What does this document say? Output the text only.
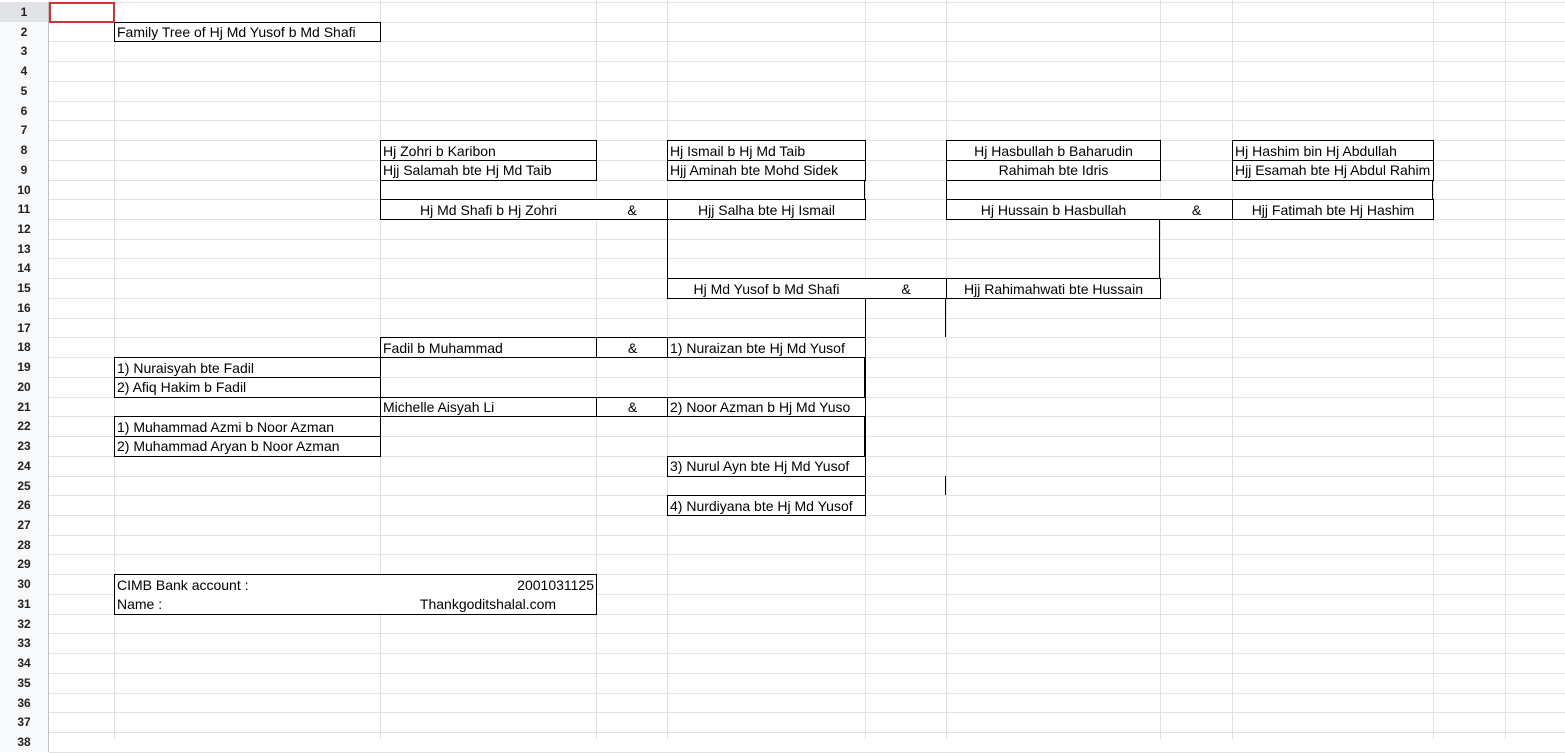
1
2
3
4
5
6
7
8
9
10
11
12
13
14
15
16
17
18
19
20
21
22
23
24
25
26
27
28
29
30
31
32
33
34
35
36
37
38
Family Tree of Hj Md Yusof b Md Shafi
Hj Zohri b Karibon
Hjj Salamah bte Hj Md Taib
Hj Ismail b Hj Md Taib
Hjj Aminah bte Mohd Sidek
Hj Hasbullah b Baharudin
Rahimah bte Idris
Hj Hashim bin Hj Abdullah
Hjj Esamah bte Hj Abdul Rahim
Hj Md Shafi b Hj Zohri	&	Hjj Salha bte Hj Ismail	Hj Hussain b Hasbullah	&	Hjj Fatimah bte Hj Hashim
Hj Md Yusof b Md Shafi	&	Hjj Rahimahwati bte Hussain
Fadil b Muhammad	&	1) Nuraizan bte Hj Md Yusof
1) Nuraisyah bte Fadil
2) Afiq Hakim b Fadil
Michelle Aisyah Li	&	2) Noor Azman b Hj Md Yuso
1) Muhammad Azmi b Noor Azman
2) Muhammad Aryan b Noor Azman
3) Nurul Ayn bte Hj Md Yusof
4) Nurdiyana bte Hj Md Yusof
CIMB Bank account :	2001031125
Name :	Thankgoditshalal.com
